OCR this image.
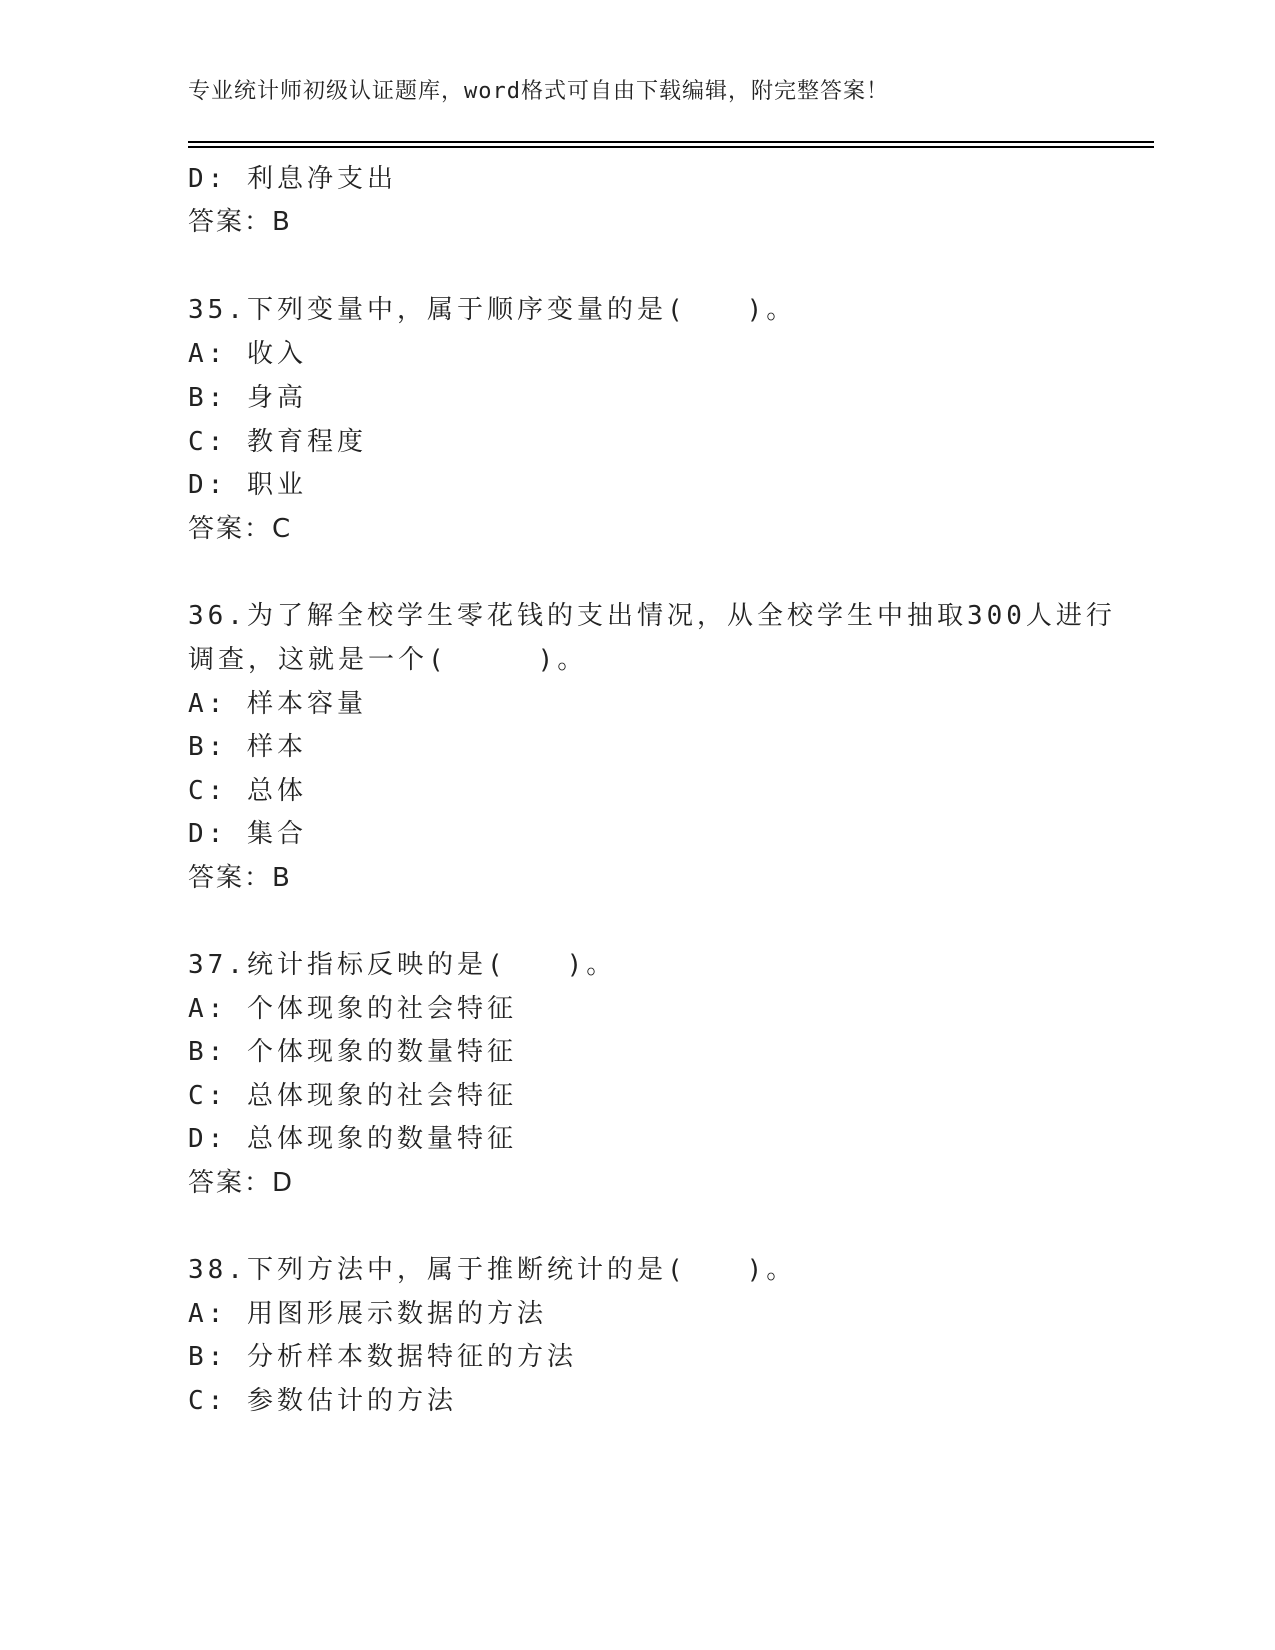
专业统计师初级认证题库，word格式可自由下载编辑，附完整答案！
D: 利息净支出
答案：B
35.下列变量中，属于顺序变量的是(　　)。
A: 收入
B: 身高
C: 教育程度
D: 职业
答案：C
36.为了解全校学生零花钱的支出情况，从全校学生中抽取300人进行
调查，这就是一个(　　　)。
A: 样本容量
B: 样本
C: 总体
D: 集合
答案：B
37.统计指标反映的是(　　)。
A: 个体现象的社会特征
B: 个体现象的数量特征
C: 总体现象的社会特征
D: 总体现象的数量特征
答案：D
38.下列方法中，属于推断统计的是(　　)。
A: 用图形展示数据的方法
B: 分析样本数据特征的方法
C: 参数估计的方法
